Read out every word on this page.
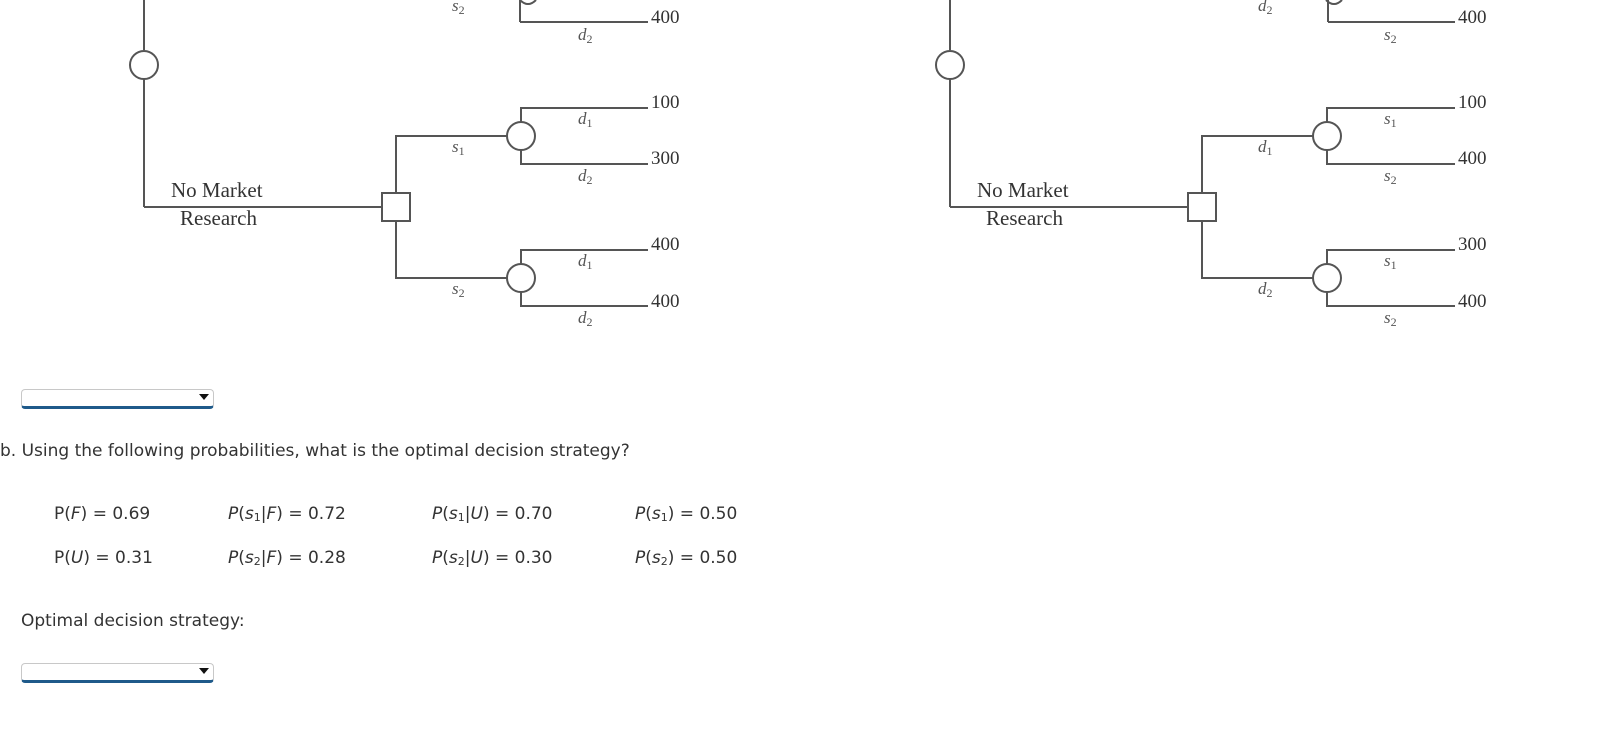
400
100
300
400
400
s2
d2
d1
s1
d2
d1
s2
d2
No Market
Research
400
100
400
300
400
d2
s2
s1
d1
s2
s1
d2
s2
No Market
Research
b. Using the following probabilities, what is the optimal decision strategy?
P(F) = 0.69
P(U) = 0.31
$P(s_1|F) = 0.72$
$P(s_2|F) = 0.28$
$P(s_1|U) = 0.70$
$P(s_2|U) = 0.30$
$P(s_1) = 0.50$
$P(s_2) = 0.50$
Optimal decision strategy:
